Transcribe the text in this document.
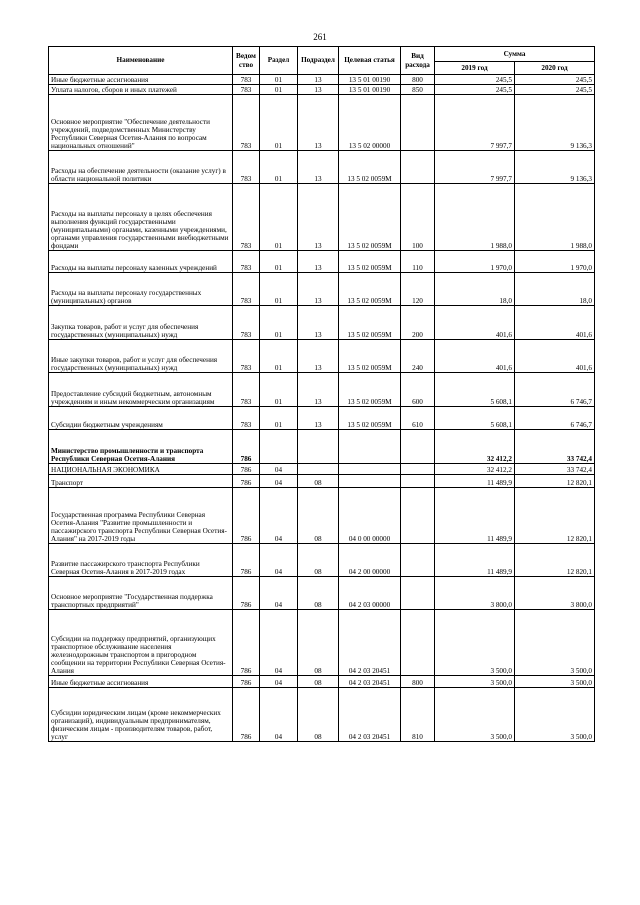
261
Наименование	Ведом ство	Раздел	Подраздел	Целевая статья	Вид расхода	Сумма	
						2019 год	2020 год
Иные бюджетные ассигнования	783	01	13	13 5 01 00190	800	245,5	245,5
Уплата налогов, сборов и иных платежей	783	01	13	13 5 01 00190	850	245,5	245,5
Основное мероприятие "Обеспечение деятельности учреждений, подведомственных Министерству Республики Северная Осетия-Алания по вопросам национальных отношений"	783	01	13	13 5 02 00000		7 997,7	9 136,3
Расходы на обеспечение деятельности (оказание услуг) в области национальной политики	783	01	13	13 5 02 0059М		7 997,7	9 136,3
Расходы на выплаты персоналу в целях обеспечения выполнения функций государственными (муниципальными) органами, казенными учреждениями, органами управления государственными внебюджетными фондами	783	01	13	13 5 02 0059М	100	1 988,0	1 988,0
Расходы на выплаты персоналу казенных учреждений	783	01	13	13 5 02 0059М	110	1 970,0	1 970,0
Расходы на выплаты персоналу государственных (муниципальных) органов	783	01	13	13 5 02 0059М	120	18,0	18,0
Закупка товаров, работ и услуг для обеспечения государственных (муниципальных) нужд	783	01	13	13 5 02 0059М	200	401,6	401,6
Иные закупки товаров, работ и услуг для обеспечения государственных (муниципальных) нужд	783	01	13	13 5 02 0059М	240	401,6	401,6
Предоставление субсидий бюджетным, автономным учреждениям и иным некоммерческим организациям	783	01	13	13 5 02 0059М	600	5 608,1	6 746,7
Субсидии бюджетным учреждениям	783	01	13	13 5 02 0059М	610	5 608,1	6 746,7
Министерство промышленности и транспорта Республики Северная Осетия-Алания	786					32 412,2	33 742,4
НАЦИОНАЛЬНАЯ ЭКОНОМИКА	786	04				32 412,2	33 742,4
Транспорт	786	04	08			11 489,9	12 820,1
Государственная программа Республики Северная Осетия-Алания "Развитие промышленности и пассажирского транспорта Республики Северная Осетия-Алания" на 2017-2019 годы	786	04	08	04 0 00 00000		11 489,9	12 820,1
Развитие пассажирского транспорта Республики Северная Осетия-Алания в 2017-2019 годах	786	04	08	04 2 00 00000		11 489,9	12 820,1
Основное мероприятие "Государственная поддержка транспортных предприятий"	786	04	08	04 2 03 00000		3 800,0	3 800,0
Субсидии на поддержку предприятий, организующих транспортное обслуживание населения железнодорожным транспортом в пригородном сообщении на территории Республики Северная Осетия-Алания	786	04	08	04 2 03 20451		3 500,0	3 500,0
Иные бюджетные ассигнования	786	04	08	04 2 03 20451	800	3 500,0	3 500,0
Субсидии юридическим лицам (кроме некоммерческих организаций), индивидуальным предпринимателям, физическим лицам - производителям товаров, работ, услуг	786	04	08	04 2 03 20451	810	3 500,0	3 500,0
